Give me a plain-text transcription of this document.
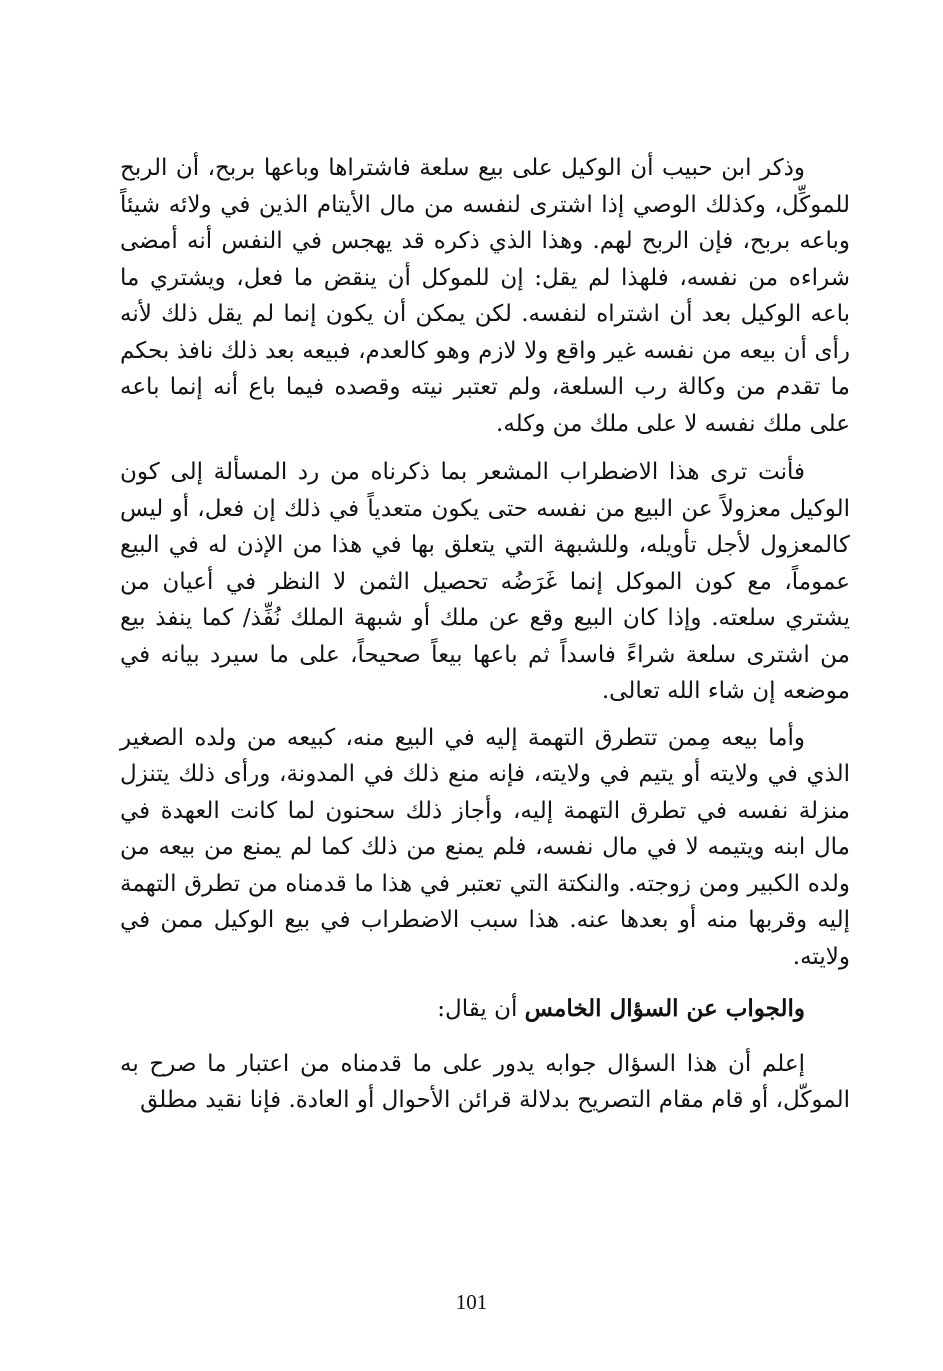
وذكر ابن حبيب أن الوكيل على بيع سلعة فاشتراها وباعها بربح، أن الربح للموكِّل، وكذلك الوصي إذا اشترى لنفسه من مال الأيتام الذين في ولائه شيئاً وباعه بربح، فإن الربح لهم. وهذا الذي ذكره قد يهجس في النفس أنه أمضى شراءه من نفسه، فلهذا لم يقل: إن للموكل أن ينقض ما فعل، ويشتري ما باعه الوكيل بعد أن اشتراه لنفسه. لكن يمكن أن يكون إنما لم يقل ذلك لأنه رأى أن بيعه من نفسه غير واقع ولا لازم وهو كالعدم، فبيعه بعد ذلك نافذ بحكم ما تقدم من وكالة رب السلعة، ولم تعتبر نيته وقصده فيما باع أنه إنما باعه على ملك نفسه لا على ملك من وكله.

فأنت ترى هذا الاضطراب المشعر بما ذكرناه من رد المسألة إلى كون الوكيل معزولاً عن البيع من نفسه حتى يكون متعدياً في ذلك إن فعل، أو ليس كالمعزول لأجل تأويله، وللشبهة التي يتعلق بها في هذا من الإذن له في البيع عموماً، مع كون الموكل إنما غَرَضُه تحصيل الثمن لا النظر في أعيان من يشتري سلعته. وإذا كان البيع وقع عن ملك أو شبهة الملك نُفِّذ/ كما ينفذ بيع من اشترى سلعة شراءً فاسداً ثم باعها بيعاً صحيحاً، على ما سيرد بيانه في موضعه إن شاء الله تعالى.

وأما بيعه مِمن تتطرق التهمة إليه في البيع منه، كبيعه من ولده الصغير الذي في ولايته أو يتيم في ولايته، فإنه منع ذلك في المدونة، ورأى ذلك يتنزل منزلة نفسه في تطرق التهمة إليه، وأجاز ذلك سحنون لما كانت العهدة في مال ابنه ويتيمه لا في مال نفسه، فلم يمنع من ذلك كما لم يمنع من بيعه من ولده الكبير ومن زوجته. والنكتة التي تعتبر في هذا ما قدمناه من تطرق التهمة إليه وقربها منه أو بعدها عنه. هذا سبب الاضطراب في بيع الوكيل ممن في ولايته.

والجواب عن السؤال الخامس أن يقال:

إعلم أن هذا السؤال جوابه يدور على ما قدمناه من اعتبار ما صرح به الموكّل، أو قام مقام التصريح بدلالة قرائن الأحوال أو العادة. فإنا نقيد مطلق

101
